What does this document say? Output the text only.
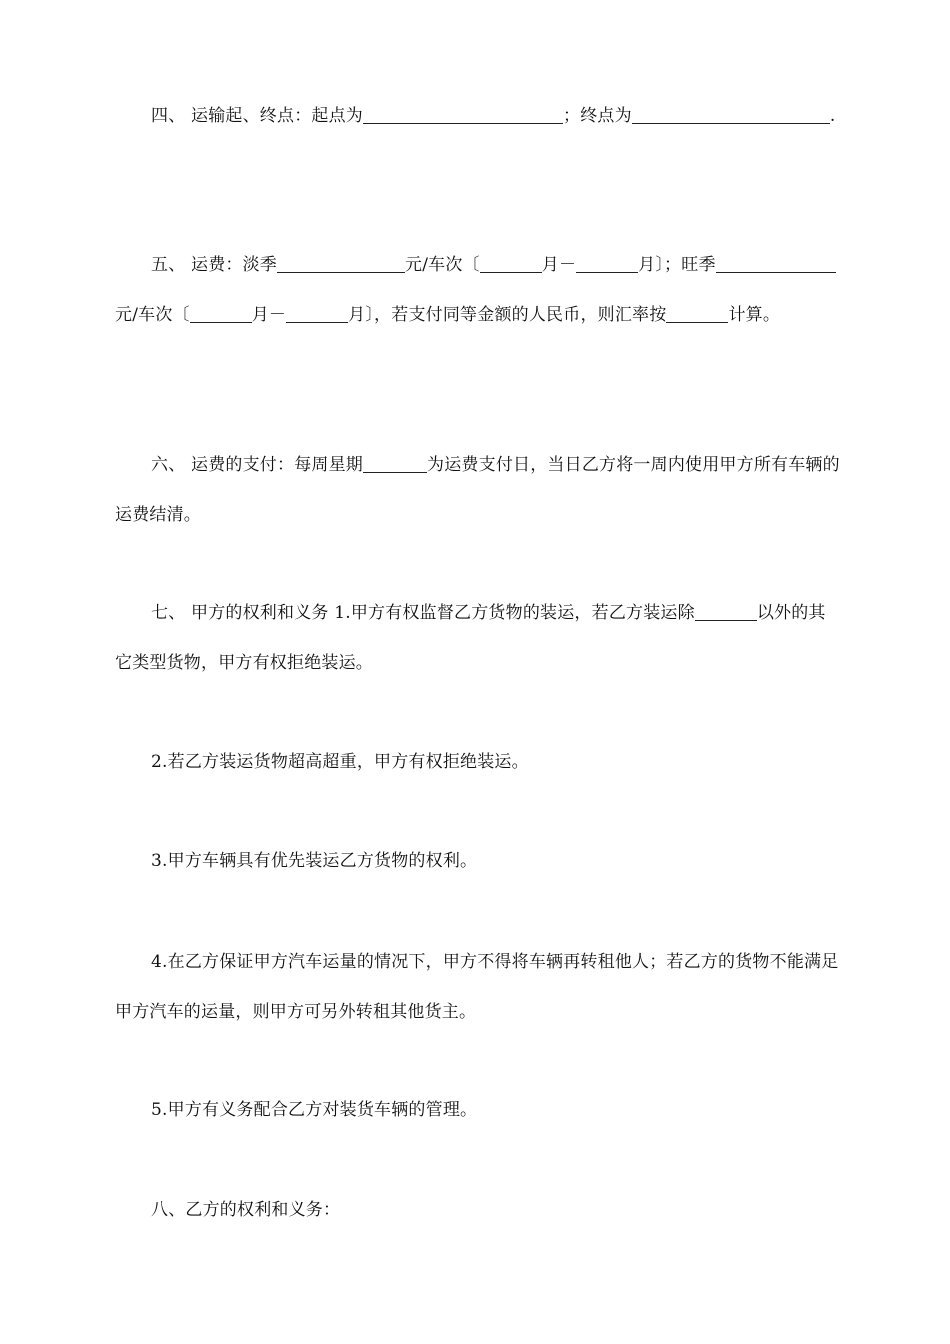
四、 运输起、终点：起点为	；终点为	.

五、 运费：淡季	元/车次〔	月－	月〕；旺季元/车次〔	月－	月〕，若支付同等金额的人民币，则汇率按	计算。

六、 运费的支付：每周星期	为运费支付日，当日乙方将一周内使用甲方所有车辆的运费结清。

七、 甲方的权利和义务 1.甲方有权监督乙方货物的装运，若乙方装运除	以外的其它类型货物，甲方有权拒绝装运。

2.若乙方装运货物超高超重，甲方有权拒绝装运。

3.甲方车辆具有优先装运乙方货物的权利。

4.在乙方保证甲方汽车运量的情况下，甲方不得将车辆再转租他人；若乙方的货物不能满足甲方汽车的运量，则甲方可另外转租其他货主。

5.甲方有义务配合乙方对装货车辆的管理。

八、乙方的权利和义务：
